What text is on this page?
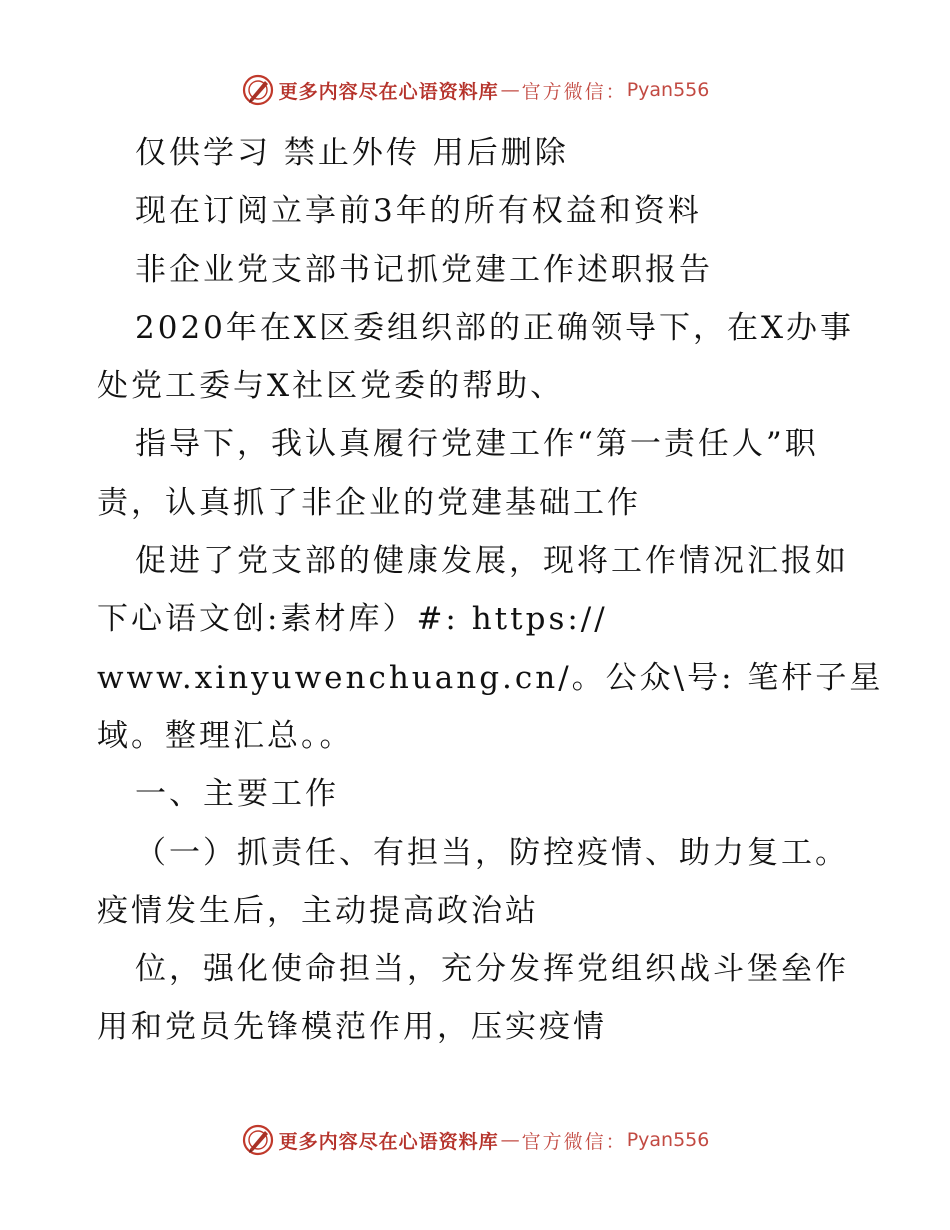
更多内容尽在心语资料库 — 官方微信： Pyan556
仅供学习 禁止外传 用后删除
现在订阅立享前3年的所有权益和资料
非企业党支部书记抓党建工作述职报告
2020年在X区委组织部的正确领导下，在X办事
处党工委与X社区党委的帮助、
指导下，我认真履行党建工作“第一责任人”职
责，认真抓了非企业的党建基础工作
促进了党支部的健康发展，现将工作情况汇报如
下心语文创:素材库）#: https://
www.xinyuwenchuang.cn/。公众\号: 笔杆子星
域。整理汇总。。
一、主要工作
（一）抓责任、有担当，防控疫情、助力复工。
疫情发生后，主动提高政治站
位，强化使命担当，充分发挥党组织战斗堡垒作
用和党员先锋模范作用，压实疫情
更多内容尽在心语资料库 — 官方微信： Pyan556
